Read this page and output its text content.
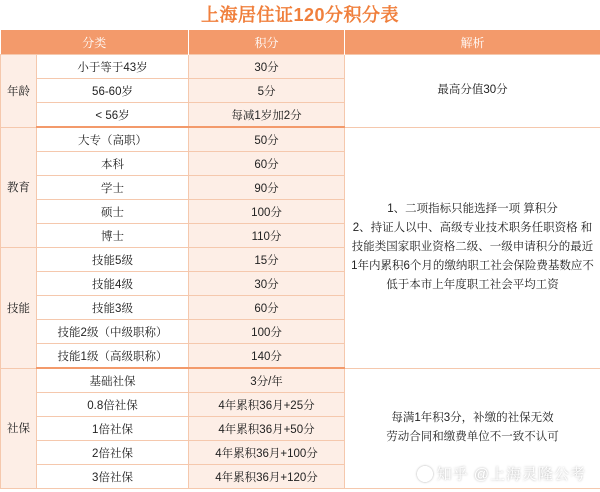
上海居住证120分积分表
分类		积分	解析
年龄	小于等于43岁	30分	最高分值30分
	56-60岁	5分	
	< 56岁	每减1岁加2分	
教育	大专（高职）	50分	1、二项指标只能选择一项 算积分
2、持证人以中、高级专业技术职务任职资格 和技能类国家职业资格二级、一级申请积分的最近1年内累积6个月的缴纳职工社会保险费基数应不低于本市上年度职工社会平均工资

	本科	60分	
	学士	90分	
	硕士	100分	
	博士	110分	
技能	技能5级	15分	
	技能4级	30分	
	技能3级	60分	
	技能2级（中级职称）	100分	
	技能1级（高级职称）	140分	
社保	基础社保	3分/年	每满1年积3分，补缴的社保无效
劳动合同和缴费单位不一致不认可

	0.8倍社保	4年累积36月+25分	
	1倍社保	4年累积36月+50分	
	2倍社保	4年累积36月+100分	
	3倍社保	4年累积36月+120分		知乎 @上海灵隆公考
